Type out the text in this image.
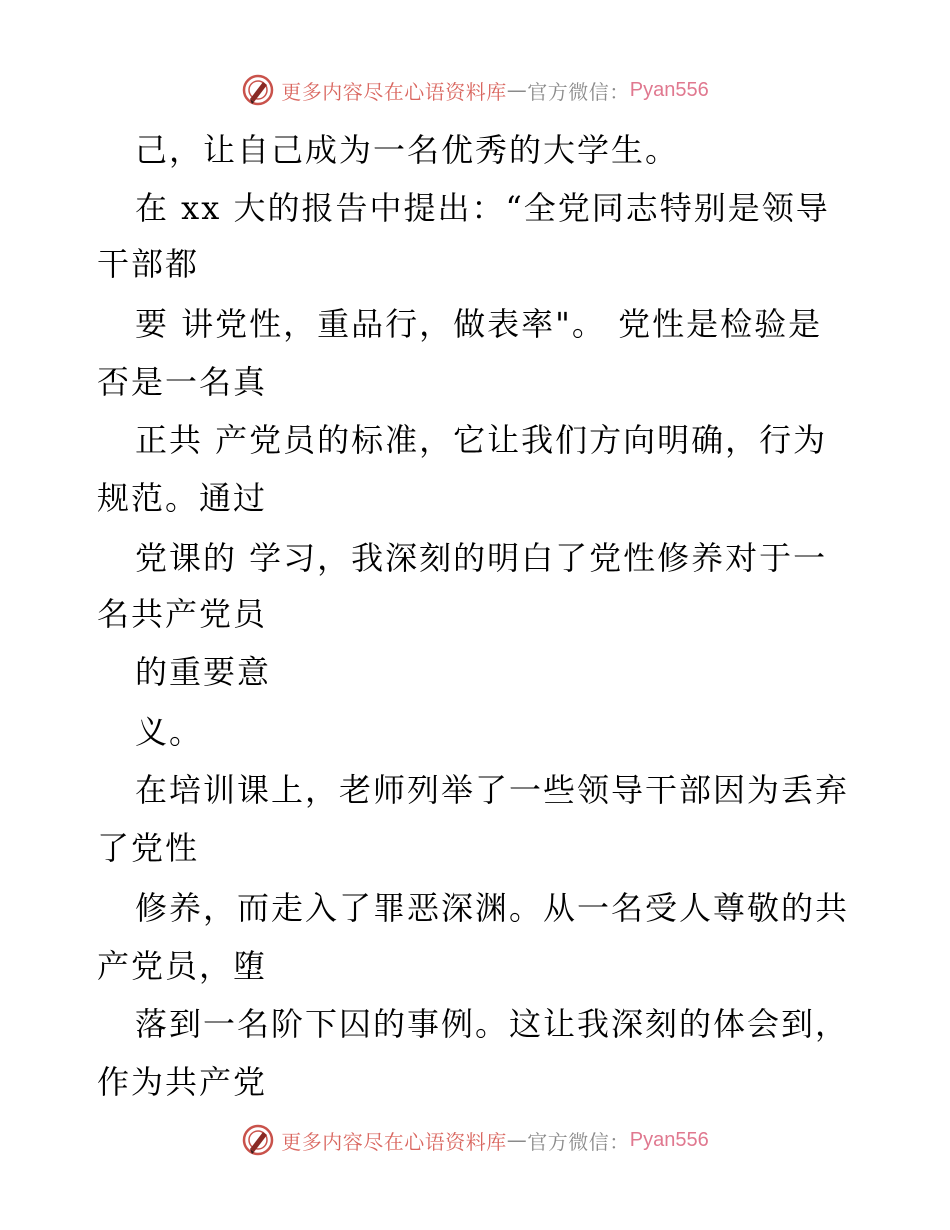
更多内容尽在心语资料库 — 官方微信： Pyan556
己，让自己成为一名优秀的大学生。
在 xx 大的报告中提出：“全党同志特别是领导
干部都
要 讲党性，重品行，做表率"。 党性是检验是
否是一名真
正共 产党员的标准，它让我们方向明确，行为
规范。通过
党课的 学习，我深刻的明白了党性修养对于一
名共产党员
的重要意
义。
在培训课上，老师列举了一些领导干部因为丢弃
了党性
修养，而走入了罪恶深渊。从一名受人尊敬的共
产党员，堕
落到一名阶下囚的事例。这让我深刻的体会到，
作为共产党
更多内容尽在心语资料库 — 官方微信： Pyan556
